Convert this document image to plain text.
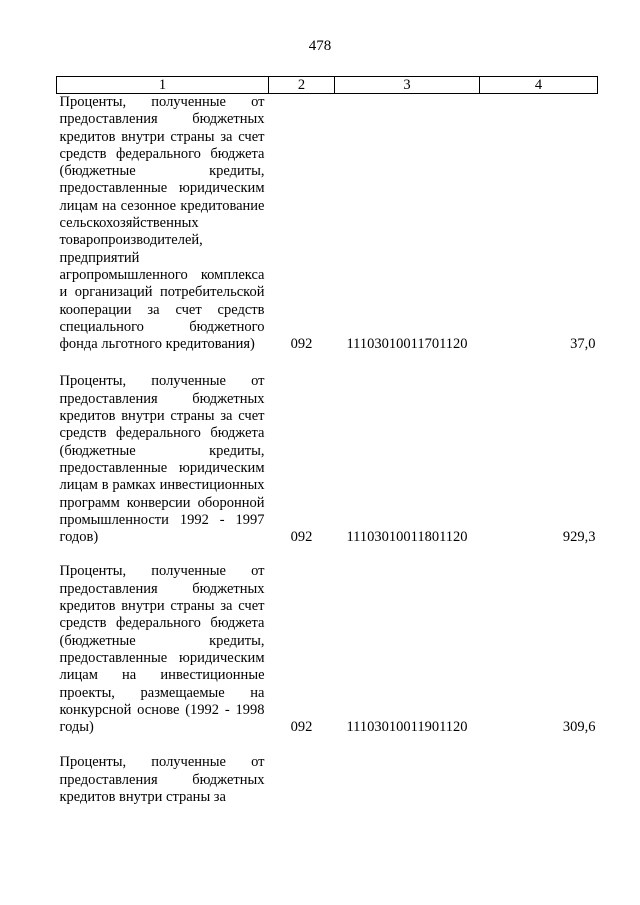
478
1	2	3	4

Проценты, полученные от предоставления бюджетных кредитов внутри страны за счет средств федерального бюджета (бюджетные кредиты, предоставленные юридическим лицам на сезонное кредитование сельскохозяйственных товаропроизводителей, предприятий агропромышленного комплекса и организаций потребительской кооперации за счет средств специального бюджетного фонда льготного кредитования)	092	11103010011701120	37,0

Проценты, полученные от предоставления бюджетных кредитов внутри страны за счет средств федерального бюджета (бюджетные кредиты, предоставленные юридическим лицам в рамках инвестиционных программ конверсии оборонной промышленности 1992 - 1997 годов)	092	11103010011801120	929,3

Проценты, полученные от предоставления бюджетных кредитов внутри страны за счет средств федерального бюджета (бюджетные кредиты, предоставленные юридическим лицам на инвестиционные проекты, размещаемые на конкурсной основе (1992 - 1998 годы)	092	11103010011901120	309,6

Проценты, полученные от предоставления бюджетных кредитов внутри страны за			
